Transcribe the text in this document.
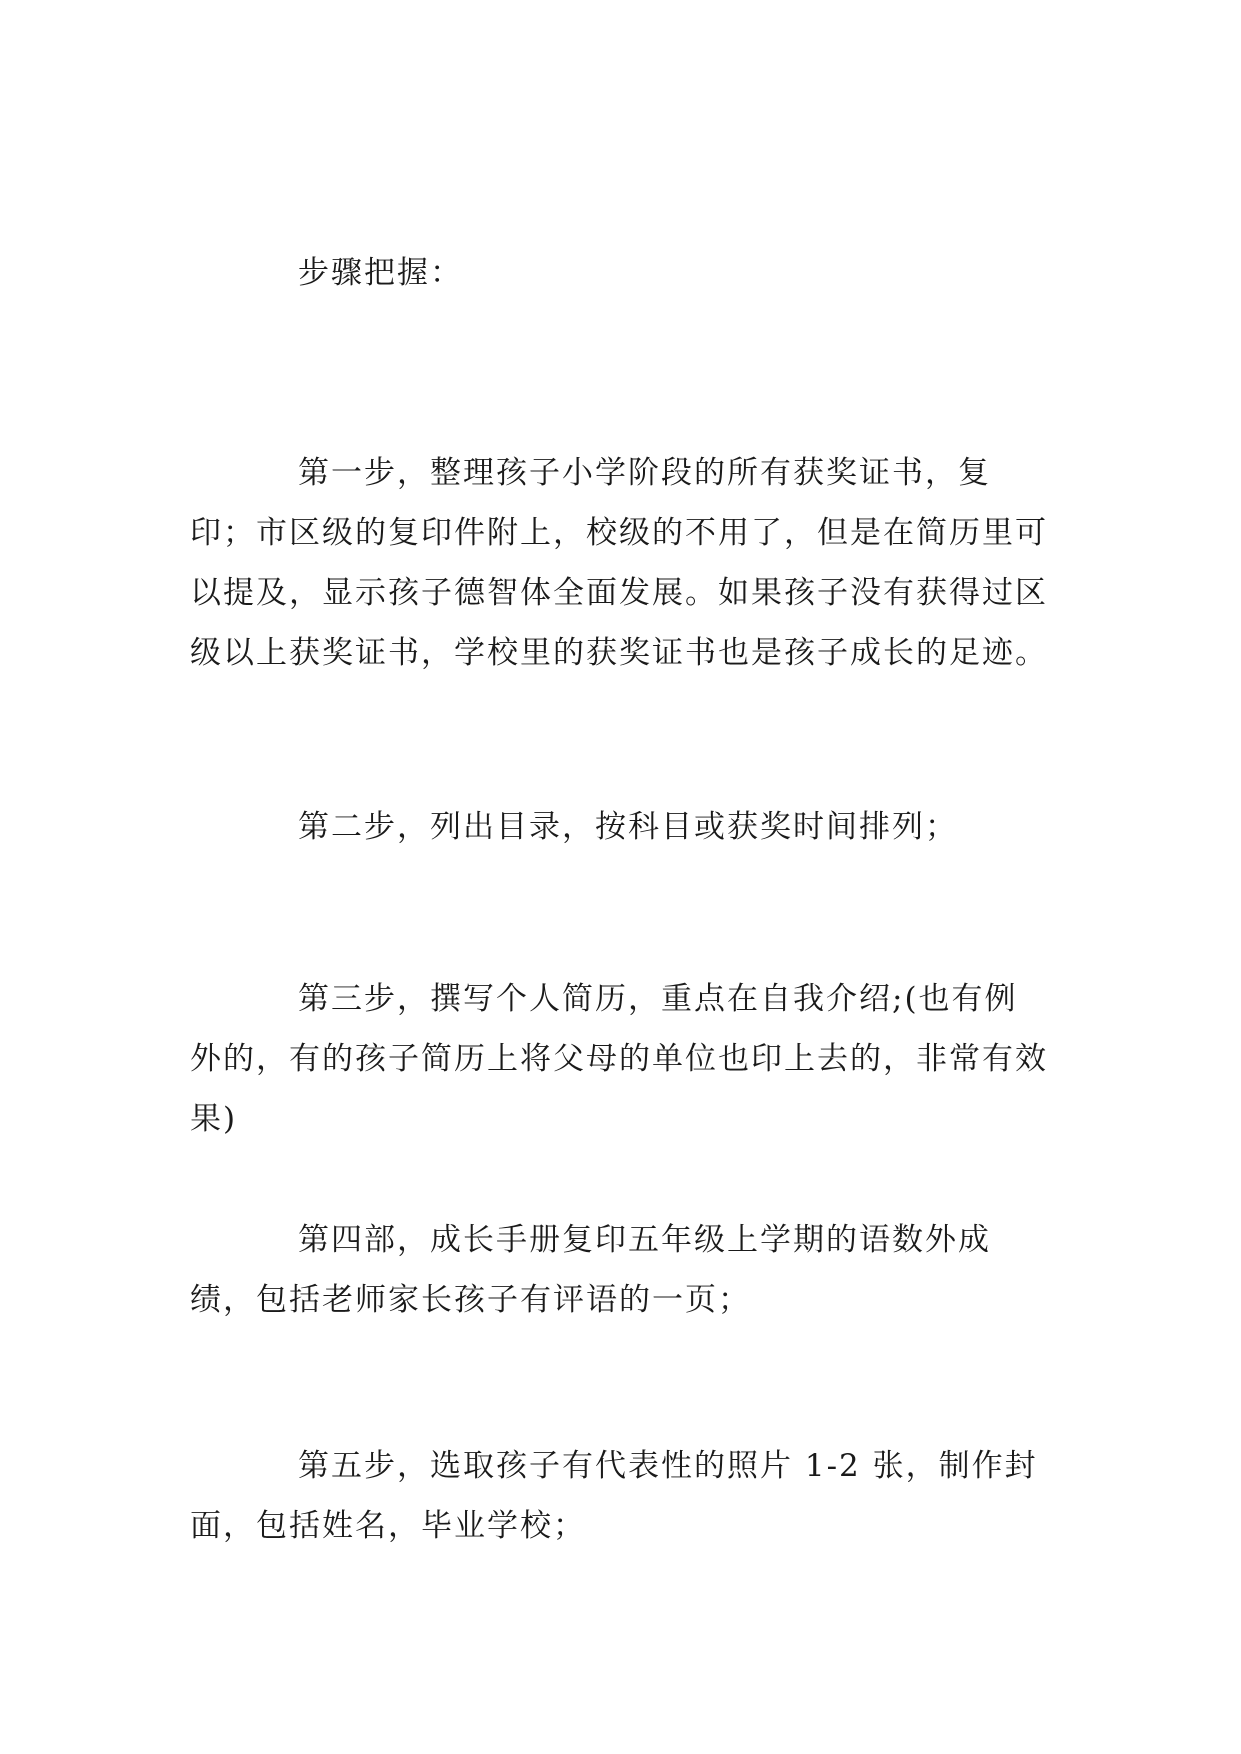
步骤把握：

第一步，整理孩子小学阶段的所有获奖证书，复印；市区级的复印件附上，校级的不用了，但是在简历里可以提及，显示孩子德智体全面发展。如果孩子没有获得过区级以上获奖证书，学校里的获奖证书也是孩子成长的足迹。

第二步，列出目录，按科目或获奖时间排列；

第三步，撰写个人简历，重点在自我介绍;(也有例外的，有的孩子简历上将父母的单位也印上去的，非常有效果)

第四部，成长手册复印五年级上学期的语数外成绩，包括老师家长孩子有评语的一页；

第五步，选取孩子有代表性的照片 1-2 张，制作封面，包括姓名，毕业学校；
